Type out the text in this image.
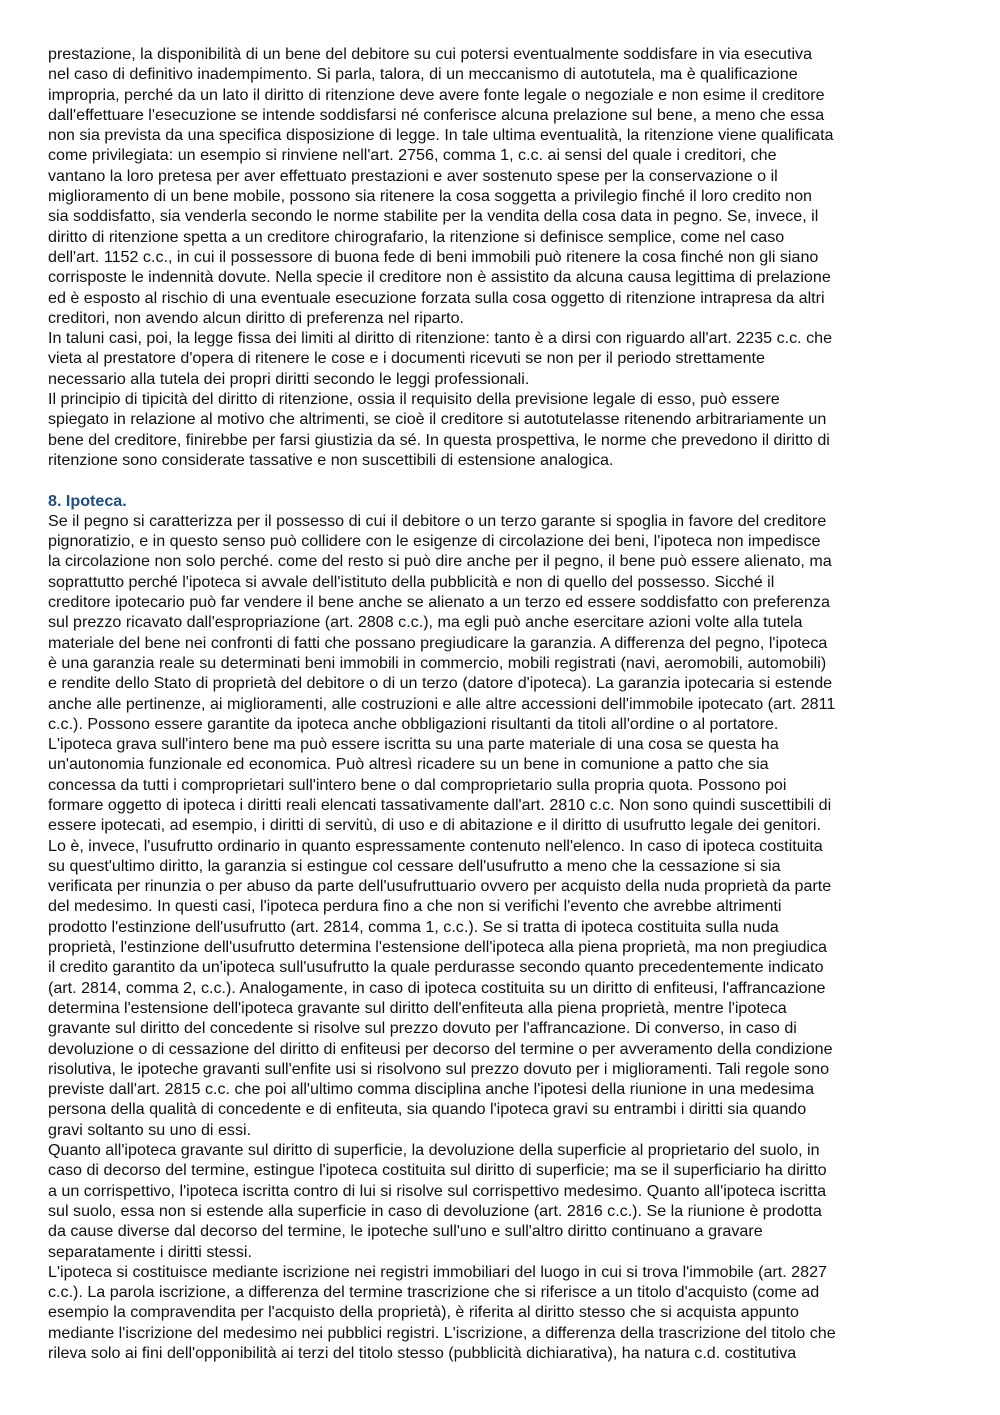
prestazione, la disponibilità di un bene del debitore su cui potersi eventualmente soddisfare in via esecutiva
nel caso di definitivo inadempimento. Si parla, talora, di un meccanismo di autotutela, ma è qualificazione
impropria, perché da un lato il diritto di ritenzione deve avere fonte legale o negoziale e non esime il creditore
dall'effettuare l'esecuzione se intende soddisfarsi né conferisce alcuna prelazione sul bene, a meno che essa
non sia prevista da una specifica disposizione di legge. In tale ultima eventualità, la ritenzione viene qualificata
come privilegiata: un esempio si rinviene nell'art. 2756, comma 1, c.c. ai sensi del quale i creditori, che
vantano la loro pretesa per aver effettuato prestazioni e aver sostenuto spese per la conservazione o il
miglioramento di un bene mobile, possono sia ritenere la cosa soggetta a privilegio finché il loro credito non
sia soddisfatto, sia venderla secondo le norme stabilite per la vendita della cosa data in pegno. Se, invece, il
diritto di ritenzione spetta a un creditore chirografario, la ritenzione si definisce semplice, come nel caso
dell'art. 1152 c.c., in cui il possessore di buona fede di beni immobili può ritenere la cosa finché non gli siano
corrisposte le indennità dovute. Nella specie il creditore non è assistito da alcuna causa legittima di prelazione
ed è esposto al rischio di una eventuale esecuzione forzata sulla cosa oggetto di ritenzione intrapresa da altri
creditori, non avendo alcun diritto di preferenza nel riparto.
In taluni casi, poi, la legge fissa dei limiti al diritto di ritenzione: tanto è a dirsi con riguardo all'art. 2235 c.c. che
vieta al prestatore d'opera di ritenere le cose e i documenti ricevuti se non per il periodo strettamente
necessario alla tutela dei propri diritti secondo le leggi professionali.
Il principio di tipicità del diritto di ritenzione, ossia il requisito della previsione legale di esso, può essere
spiegato in relazione al motivo che altrimenti, se cioè il creditore si autotutelasse ritenendo arbitrariamente un
bene del creditore, finirebbe per farsi giustizia da sé. In questa prospettiva, le norme che prevedono il diritto di
ritenzione sono considerate tassative e non suscettibili di estensione analogica.
8. Ipoteca.
Se il pegno si caratterizza per il possesso di cui il debitore o un terzo garante si spoglia in favore del creditore
pignoratizio, e in questo senso può collidere con le esigenze di circolazione dei beni, l'ipoteca non impedisce
la circolazione non solo perché. come del resto si può dire anche per il pegno, il bene può essere alienato, ma
soprattutto perché l'ipoteca si avvale dell'istituto della pubblicità e non di quello del possesso. Sicché il
creditore ipotecario può far vendere il bene anche se alienato a un terzo ed essere soddisfatto con preferenza
sul prezzo ricavato dall'espropriazione (art. 2808 c.c.), ma egli può anche esercitare azioni volte alla tutela
materiale del bene nei confronti di fatti che possano pregiudicare la garanzia. A differenza del pegno, l'ipoteca
è una garanzia reale su determinati beni immobili in commercio, mobili registrati (navi, aeromobili, automobili)
e rendite dello Stato di proprietà del debitore o di un terzo (datore d'ipoteca). La garanzia ipotecaria si estende
anche alle pertinenze, ai miglioramenti, alle costruzioni e alle altre accessioni dell'immobile ipotecato (art. 2811
c.c.). Possono essere garantite da ipoteca anche obbligazioni risultanti da titoli all'ordine o al portatore.
L'ipoteca grava sull'intero bene ma può essere iscritta su una parte materiale di una cosa se questa ha
un'autonomia funzionale ed economica. Può altresì ricadere su un bene in comunione a patto che sia
concessa da tutti i comproprietari sull'intero bene o dal comproprietario sulla propria quota. Possono poi
formare oggetto di ipoteca i diritti reali elencati tassativamente dall'art. 2810 c.c. Non sono quindi suscettibili di
essere ipotecati, ad esempio, i diritti di servitù, di uso e di abitazione e il diritto di usufrutto legale dei genitori.
Lo è, invece, l'usufrutto ordinario in quanto espressamente contenuto nell'elenco. In caso di ipoteca costituita
su quest'ultimo diritto, la garanzia si estingue col cessare dell'usufrutto a meno che la cessazione si sia
verificata per rinunzia o per abuso da parte dell'usufruttuario ovvero per acquisto della nuda proprietà da parte
del medesimo. In questi casi, l'ipoteca perdura fino a che non si verifichi l'evento che avrebbe altrimenti
prodotto l'estinzione dell'usufrutto (art. 2814, comma 1, c.c.). Se si tratta di ipoteca costituita sulla nuda
proprietà, l'estinzione dell'usufrutto determina l'estensione dell'ipoteca alla piena proprietà, ma non pregiudica
il credito garantito da un'ipoteca sull'usufrutto la quale perdurasse secondo quanto precedentemente indicato
(art. 2814, comma 2, c.c.). Analogamente, in caso di ipoteca costituita su un diritto di enfiteusi, l'affrancazione
determina l'estensione dell'ipoteca gravante sul diritto dell'enfiteuta alla piena proprietà, mentre l'ipoteca
gravante sul diritto del concedente si risolve sul prezzo dovuto per l'affrancazione. Di converso, in caso di
devoluzione o di cessazione del diritto di enfiteusi per decorso del termine o per avveramento della condizione
risolutiva, le ipoteche gravanti sull'enfite usi si risolvono sul prezzo dovuto per i miglioramenti. Tali regole sono
previste dall'art. 2815 c.c. che poi all'ultimo comma disciplina anche l'ipotesi della riunione in una medesima
persona della qualità di concedente e di enfiteuta, sia quando l'ipoteca gravi su entrambi i diritti sia quando
gravi soltanto su uno di essi.
Quanto all'ipoteca gravante sul diritto di superficie, la devoluzione della superficie al proprietario del suolo, in
caso di decorso del termine, estingue l'ipoteca costituita sul diritto di superficie; ma se il superficiario ha diritto
a un corrispettivo, l'ipoteca iscritta contro di lui si risolve sul corrispettivo medesimo. Quanto all'ipoteca iscritta
sul suolo, essa non si estende alla superficie in caso di devoluzione (art. 2816 c.c.). Se la riunione è prodotta
da cause diverse dal decorso del termine, le ipoteche sull'uno e sull'altro diritto continuano a gravare
separatamente i diritti stessi.
L'ipoteca si costituisce mediante iscrizione nei registri immobiliari del luogo in cui si trova l'immobile (art. 2827
c.c.). La parola iscrizione, a differenza del termine trascrizione che si riferisce a un titolo d'acquisto (come ad
esempio la compravendita per l'acquisto della proprietà), è riferita al diritto stesso che si acquista appunto
mediante l'iscrizione del medesimo nei pubblici registri. L'iscrizione, a differenza della trascrizione del titolo che
rileva solo ai fini dell'opponibilità ai terzi del titolo stesso (pubblicità dichiarativa), ha natura c.d. costitutiva
